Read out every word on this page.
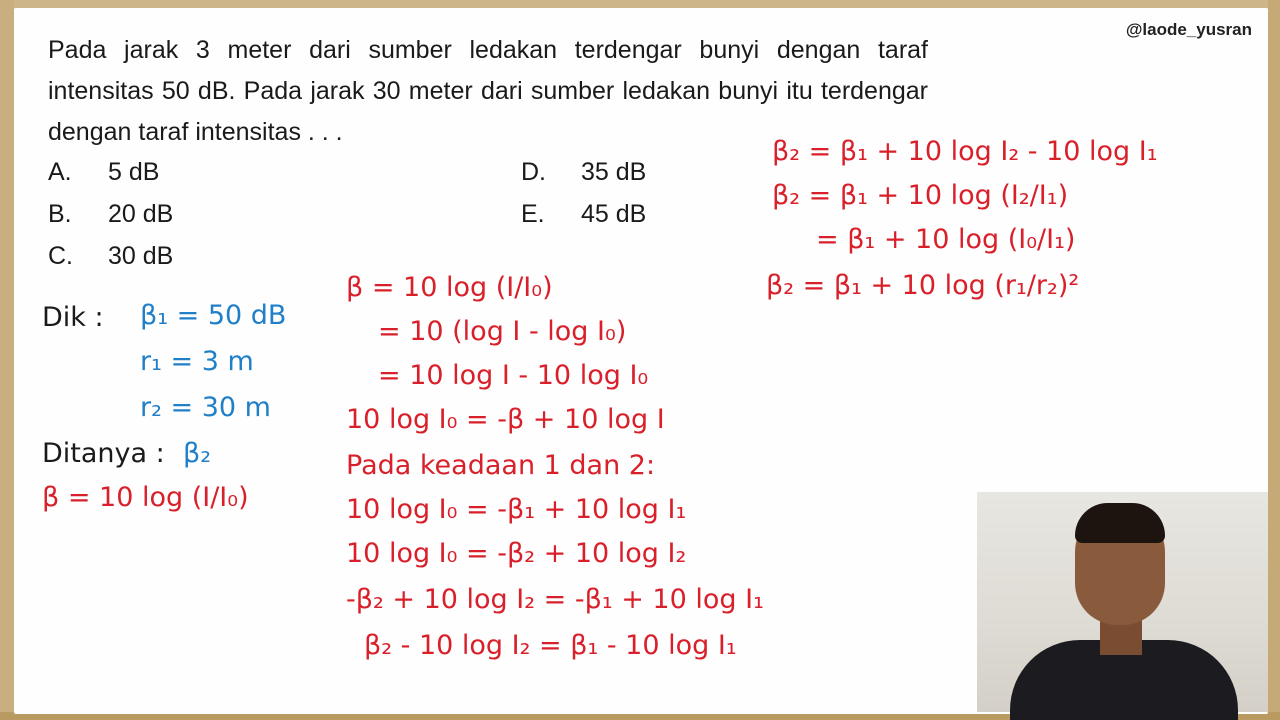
@laode_yusran
Pada jarak 3 meter dari sumber ledakan terdengar bunyi dengan taraf intensitas 50 dB. Pada jarak 30 meter dari sumber ledakan bunyi itu terdengar dengan taraf intensitas . . .
A. 5 dB
B. 20 dB
C. 30 dB
D. 35 dB
E. 45 dB
Dik : β₁ = 50 dB
r₁ = 3 m
r₂ = 30 m
Ditanya : β₂
β = 10 log (I/I₀)
β = 10 log (I/I₀)
= 10 (log I - log I₀)
= 10 log I - 10 log I₀
10 log I₀ = -β + 10 log I
Pada keadaan 1 dan 2:
10 log I₀ = -β₁ + 10 log I₁
10 log I₀ = -β₂ + 10 log I₂
-β₂ + 10 log I₂ = -β₁ + 10 log I₁
β₂ - 10 log I₂ = β₁ - 10 log I₁
β₂ = β₁ + 10 log I₂ - 10 log I₁
β₂ = β₁ + 10 log (I₂/I₁)
= β₁ + 10 log (I₀/I₁)
β₂ = β₁ + 10 log (r₁/r₂)²
